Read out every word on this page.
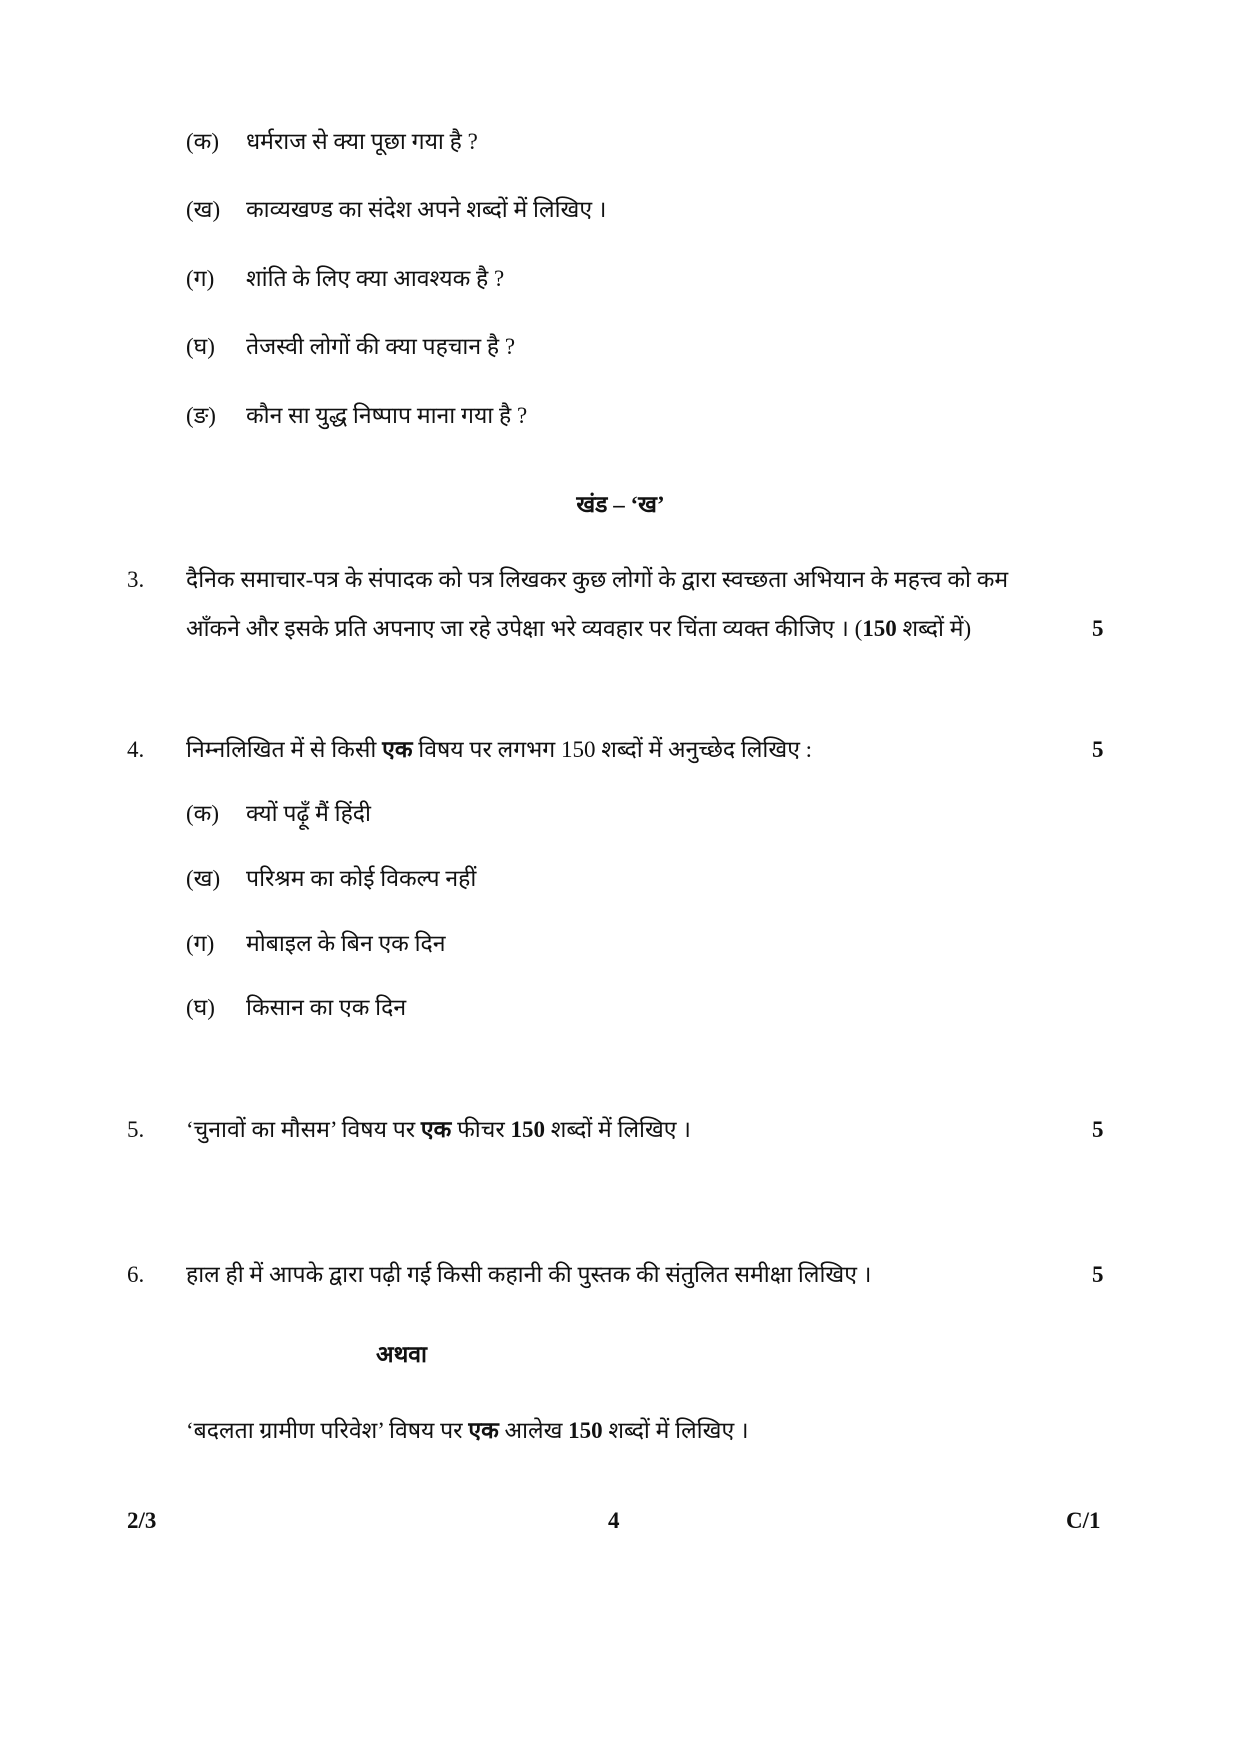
(क) धर्मराज से क्या पूछा गया है ?
(ख) काव्यखण्ड का संदेश अपने शब्दों में लिखिए ।
(ग) शांति के लिए क्या आवश्यक है ?
(घ) तेजस्वी लोगों की क्या पहचान है ?
(ङ) कौन सा युद्ध निष्पाप माना गया है ?
खंड – ‘ख’
3. दैनिक समाचार-पत्र के संपादक को पत्र लिखकर कुछ लोगों के द्वारा स्वच्छता अभियान के महत्त्व को कम
आँकने और इसके प्रति अपनाए जा रहे उपेक्षा भरे व्यवहार पर चिंता व्यक्त कीजिए । (150 शब्दों में)	5
4. निम्नलिखित में से किसी एक विषय पर लगभग 150 शब्दों में अनुच्छेद लिखिए :	5
(क) क्यों पढ़ूँ मैं हिंदी
(ख) परिश्रम का कोई विकल्प नहीं
(ग) मोबाइल के बिन एक दिन
(घ) किसान का एक दिन
5. ‘चुनावों का मौसम’ विषय पर एक फीचर 150 शब्दों में लिखिए ।	5
6. हाल ही में आपके द्वारा पढ़ी गई किसी कहानी की पुस्तक की संतुलित समीक्षा लिखिए ।	5
अथवा
‘बदलता ग्रामीण परिवेश’ विषय पर एक आलेख 150 शब्दों में लिखिए ।
2/3	4	C/1
